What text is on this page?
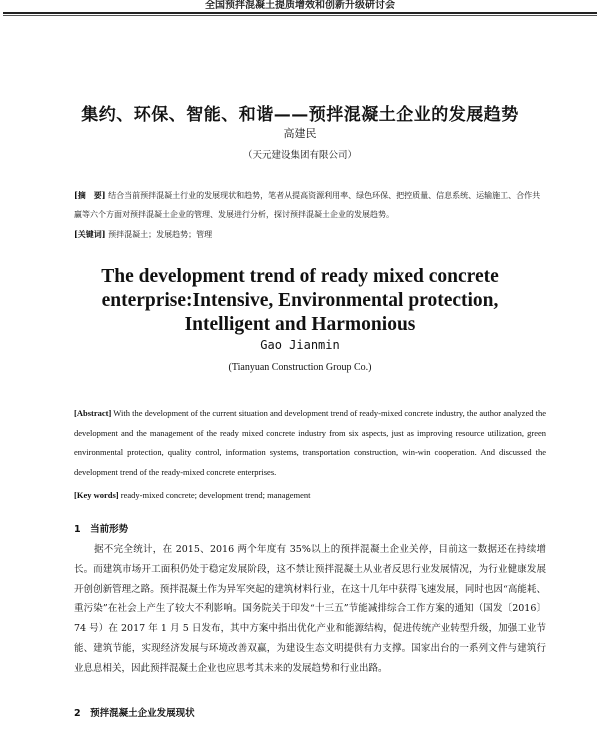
全国预拌混凝土提质增效和创新升级研讨会
集约、环保、智能、和谐——预拌混凝土企业的发展趋势
高建民
（天元建设集团有限公司）
[摘　要] 结合当前预拌混凝土行业的发展现状和趋势，笔者从提高资源利用率、绿色环保、把控质量、信息系统、运输施工、合作共赢等六个方面对预拌混凝土企业的管理、发展进行分析，探讨预拌混凝土企业的发展趋势。
[关键词] 预拌混凝土；发展趋势；管理
The development trend of ready mixed concrete
enterprise:Intensive, Environmental protection,
Intelligent and Harmonious
Gao Jianmin
(Tianyuan Construction Group Co.)
[Abstract] With the development of the current situation and development trend of ready-mixed concrete industry, the author analyzed the development and the management of the ready mixed concrete industry from six aspects, just as improving resource utilization, green environmental protection, quality control, information systems, transportation construction, win-win cooperation. And discussed the development trend of the ready-mixed concrete enterprises.
[Key words] ready-mixed concrete; development trend; management
1　当前形势
据不完全统计，在 2015、2016 两个年度有 35%以上的预拌混凝土企业关停，目前这一数据还在持续增长。而建筑市场开工面积仍处于稳定发展阶段，这不禁让预拌混凝土从业者反思行业发展情况，为行业健康发展开创创新管理之路。预拌混凝土作为异军突起的建筑材料行业，在这十几年中获得飞速发展，同时也因“高能耗、重污染”在社会上产生了较大不利影响。国务院关于印发“十三五”节能减排综合工作方案的通知（国发〔2016〕74 号）在 2017 年 1 月 5 日发布，其中方案中指出优化产业和能源结构，促进传统产业转型升级，加强工业节能、建筑节能，实现经济发展与环境改善双赢，为建设生态文明提供有力支撑。国家出台的一系列文件与建筑行业息息相关，因此预拌混凝土企业也应思考其未来的发展趋势和行业出路。
2　预拌混凝土企业发展现状
